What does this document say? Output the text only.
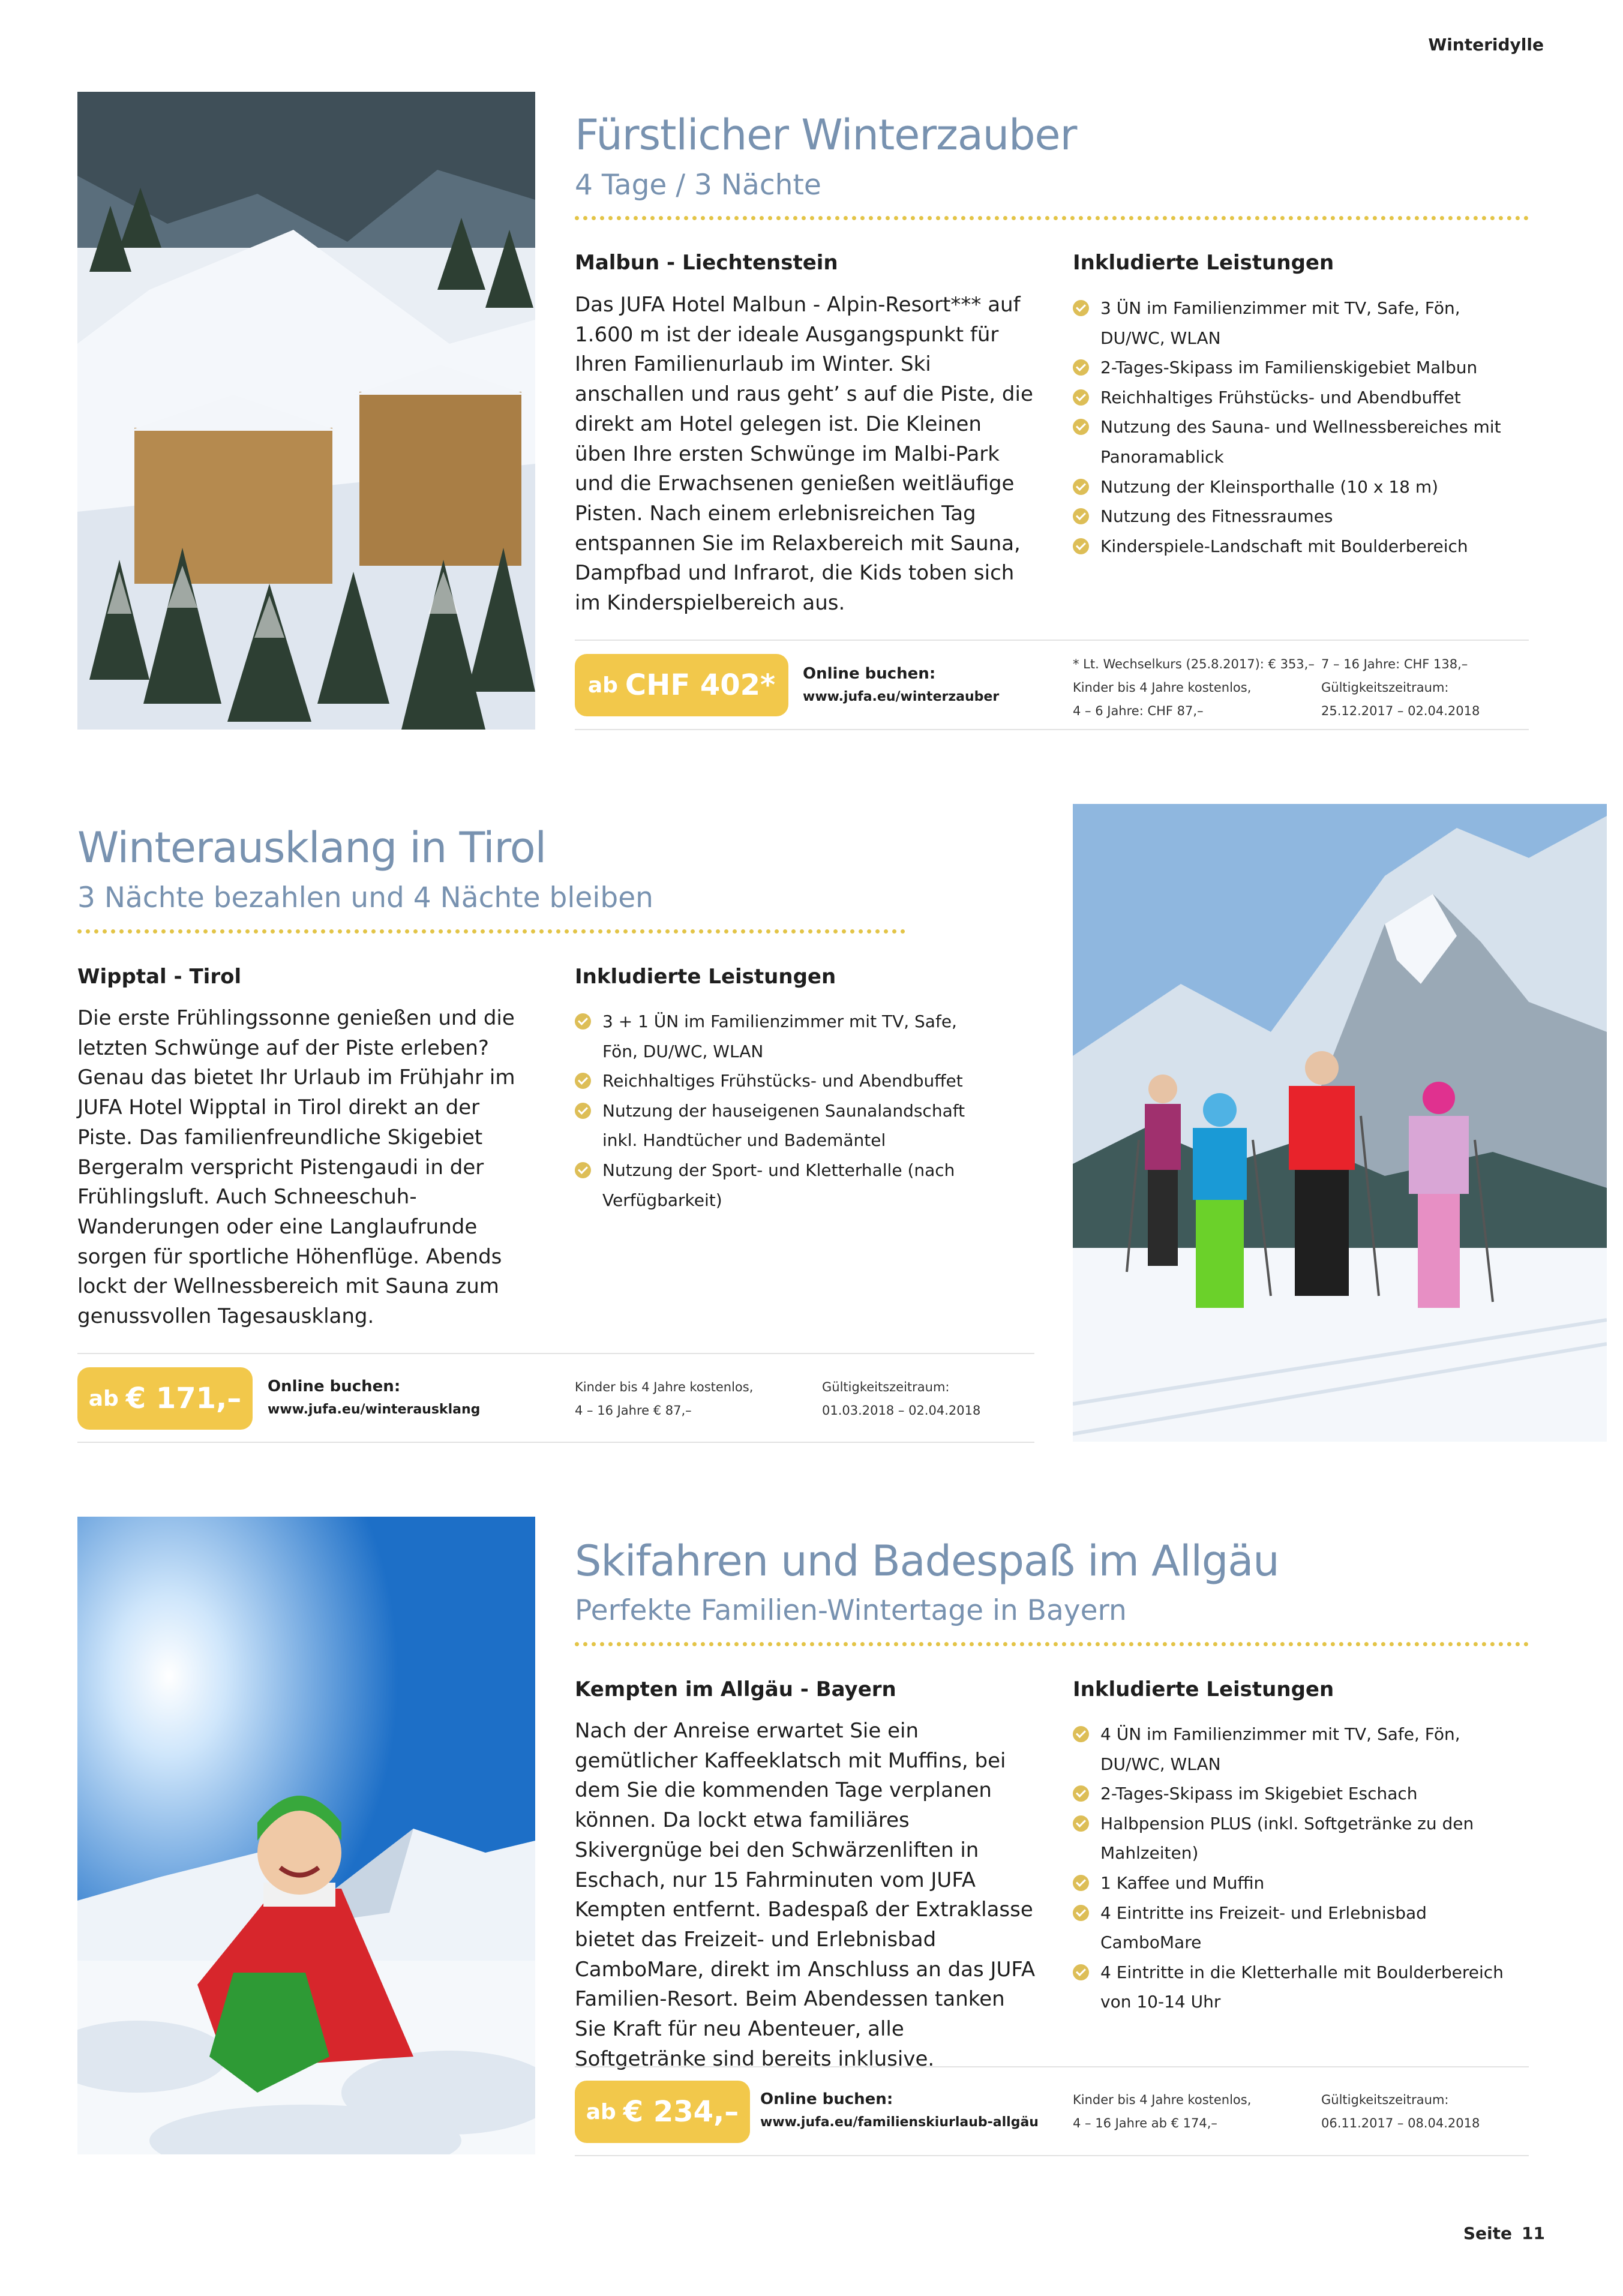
Winteridylle
Fürstlicher Winterzauber
4 Tage / 3 Nächte
Malbun - Liechtenstein
Das JUFA Hotel Malbun - Alpin-Resort*** auf 1.600 m ist der ideale Ausgangspunkt für Ihren Familienurlaub im Winter. Ski anschallen und raus geht’ s auf die Piste, die direkt am Hotel gelegen ist. Die Kleinen üben Ihre ersten Schwünge im Malbi-Park und die Erwachsenen genießen weitläufige Pisten. Nach einem erlebnisreichen Tag entspannen Sie im Relaxbereich mit Sauna, Dampfbad und Infrarot, die Kids toben sich im Kinderspielbereich aus.
Inkludierte Leistungen
3 ÜN im Familienzimmer mit TV, Safe, Fön, DU/WC, WLAN
2-Tages-Skipass im Familienskigebiet Malbun
Reichhaltiges Frühstücks- und Abendbuffet
Nutzung des Sauna- und Wellnessbereiches mit Panoramablick
Nutzung der Kleinsporthalle (10 x 18 m)
Nutzung des Fitnessraumes
Kinderspiele-Landschaft mit Boulderbereich
ab CHF 402* Online buchen:
www.jufa.eu/winterzauber
* Lt. Wechselkurs (25.8.2017): € 353,–
Kinder bis 4 Jahre kostenlos,
4 – 6 Jahre: CHF 87,–
7 – 16 Jahre: CHF 138,–
Gültigkeitszeitraum:
25.12.2017 – 02.04.2018
Winterausklang in Tirol
3 Nächte bezahlen und 4 Nächte bleiben
Wipptal - Tirol
Die erste Frühlingssonne genießen und die letzten Schwünge auf der Piste erleben? Genau das bietet Ihr Urlaub im Frühjahr im JUFA Hotel Wipptal in Tirol direkt an der Piste. Das familienfreundliche Skigebiet Bergeralm verspricht Pistengaudi in der Frühlingsluft. Auch Schneeschuh-Wanderungen oder eine Langlaufrunde sorgen für sportliche Höhenflüge. Abends lockt der Wellnessbereich mit Sauna zum genussvollen Tagesausklang.
Inkludierte Leistungen
3 + 1 ÜN im Familienzimmer mit TV, Safe, Fön, DU/WC, WLAN
Reichhaltiges Frühstücks- und Abendbuffet
Nutzung der hauseigenen Saunalandschaft inkl. Handtücher und Bademäntel
Nutzung der Sport- und Kletterhalle (nach Verfügbarkeit)
ab € 171,– Online buchen:
www.jufa.eu/winterausklang
Kinder bis 4 Jahre kostenlos,
4 – 16 Jahre € 87,–
Gültigkeitszeitraum:
01.03.2018 – 02.04.2018
Skifahren und Badespaß im Allgäu
Perfekte Familien-Wintertage in Bayern
Kempten im Allgäu - Bayern
Nach der Anreise erwartet Sie ein gemütlicher Kaffeeklatsch mit Muffins, bei dem Sie die kommenden Tage verplanen können. Da lockt etwa familiäres Skivergnüge bei den Schwärzenliften in Eschach, nur 15 Fahrminuten vom JUFA Kempten entfernt. Badespaß der Extraklasse bietet das Freizeit- und Erlebnisbad CamboMare, direkt im Anschluss an das JUFA Familien-Resort. Beim Abendessen tanken Sie Kraft für neu Abenteuer, alle Softgetränke sind bereits inklusive.
Inkludierte Leistungen
4 ÜN im Familienzimmer mit TV, Safe, Fön, DU/WC, WLAN
2-Tages-Skipass im Skigebiet Eschach
Halbpension PLUS (inkl. Softgetränke zu den Mahlzeiten)
1 Kaffee und Muffin
4 Eintritte ins Freizeit- und Erlebnisbad CamboMare
4 Eintritte in die Kletterhalle mit Boulderbereich von 10-14 Uhr
ab € 234,– Online buchen:
www.jufa.eu/familienskiurlaub-allgäu
Kinder bis 4 Jahre kostenlos,
4 – 16 Jahre ab € 174,–
Gültigkeitszeitraum:
06.11.2017 – 08.04.2018
Seite 11
